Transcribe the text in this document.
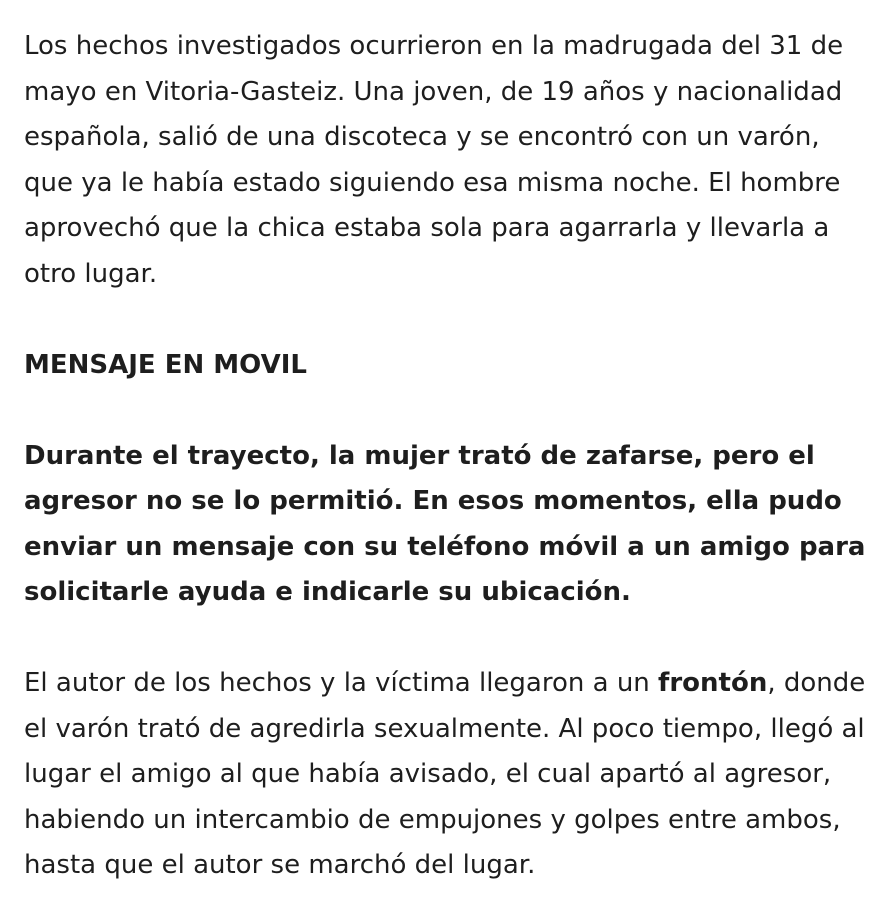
Los hechos investigados ocurrieron en la madrugada del 31 de mayo en Vitoria-Gasteiz. Una joven, de 19 años y nacionalidad española, salió de una discoteca y se encontró con un varón, que ya le había estado siguiendo esa misma noche. El hombre aprovechó que la chica estaba sola para agarrarla y llevarla a otro lugar.

MENSAJE EN MOVIL

Durante el trayecto, la mujer trató de zafarse, pero el agresor no se lo permitió. En esos momentos, ella pudo enviar un mensaje con su teléfono móvil a un amigo para solicitarle ayuda e indicarle su ubicación.

El autor de los hechos y la víctima llegaron a un frontón, donde el varón trató de agredirla sexualmente. Al poco tiempo, llegó al lugar el amigo al que había avisado, el cual apartó al agresor, habiendo un intercambio de empujones y golpes entre ambos, hasta que el autor se marchó del lugar.
